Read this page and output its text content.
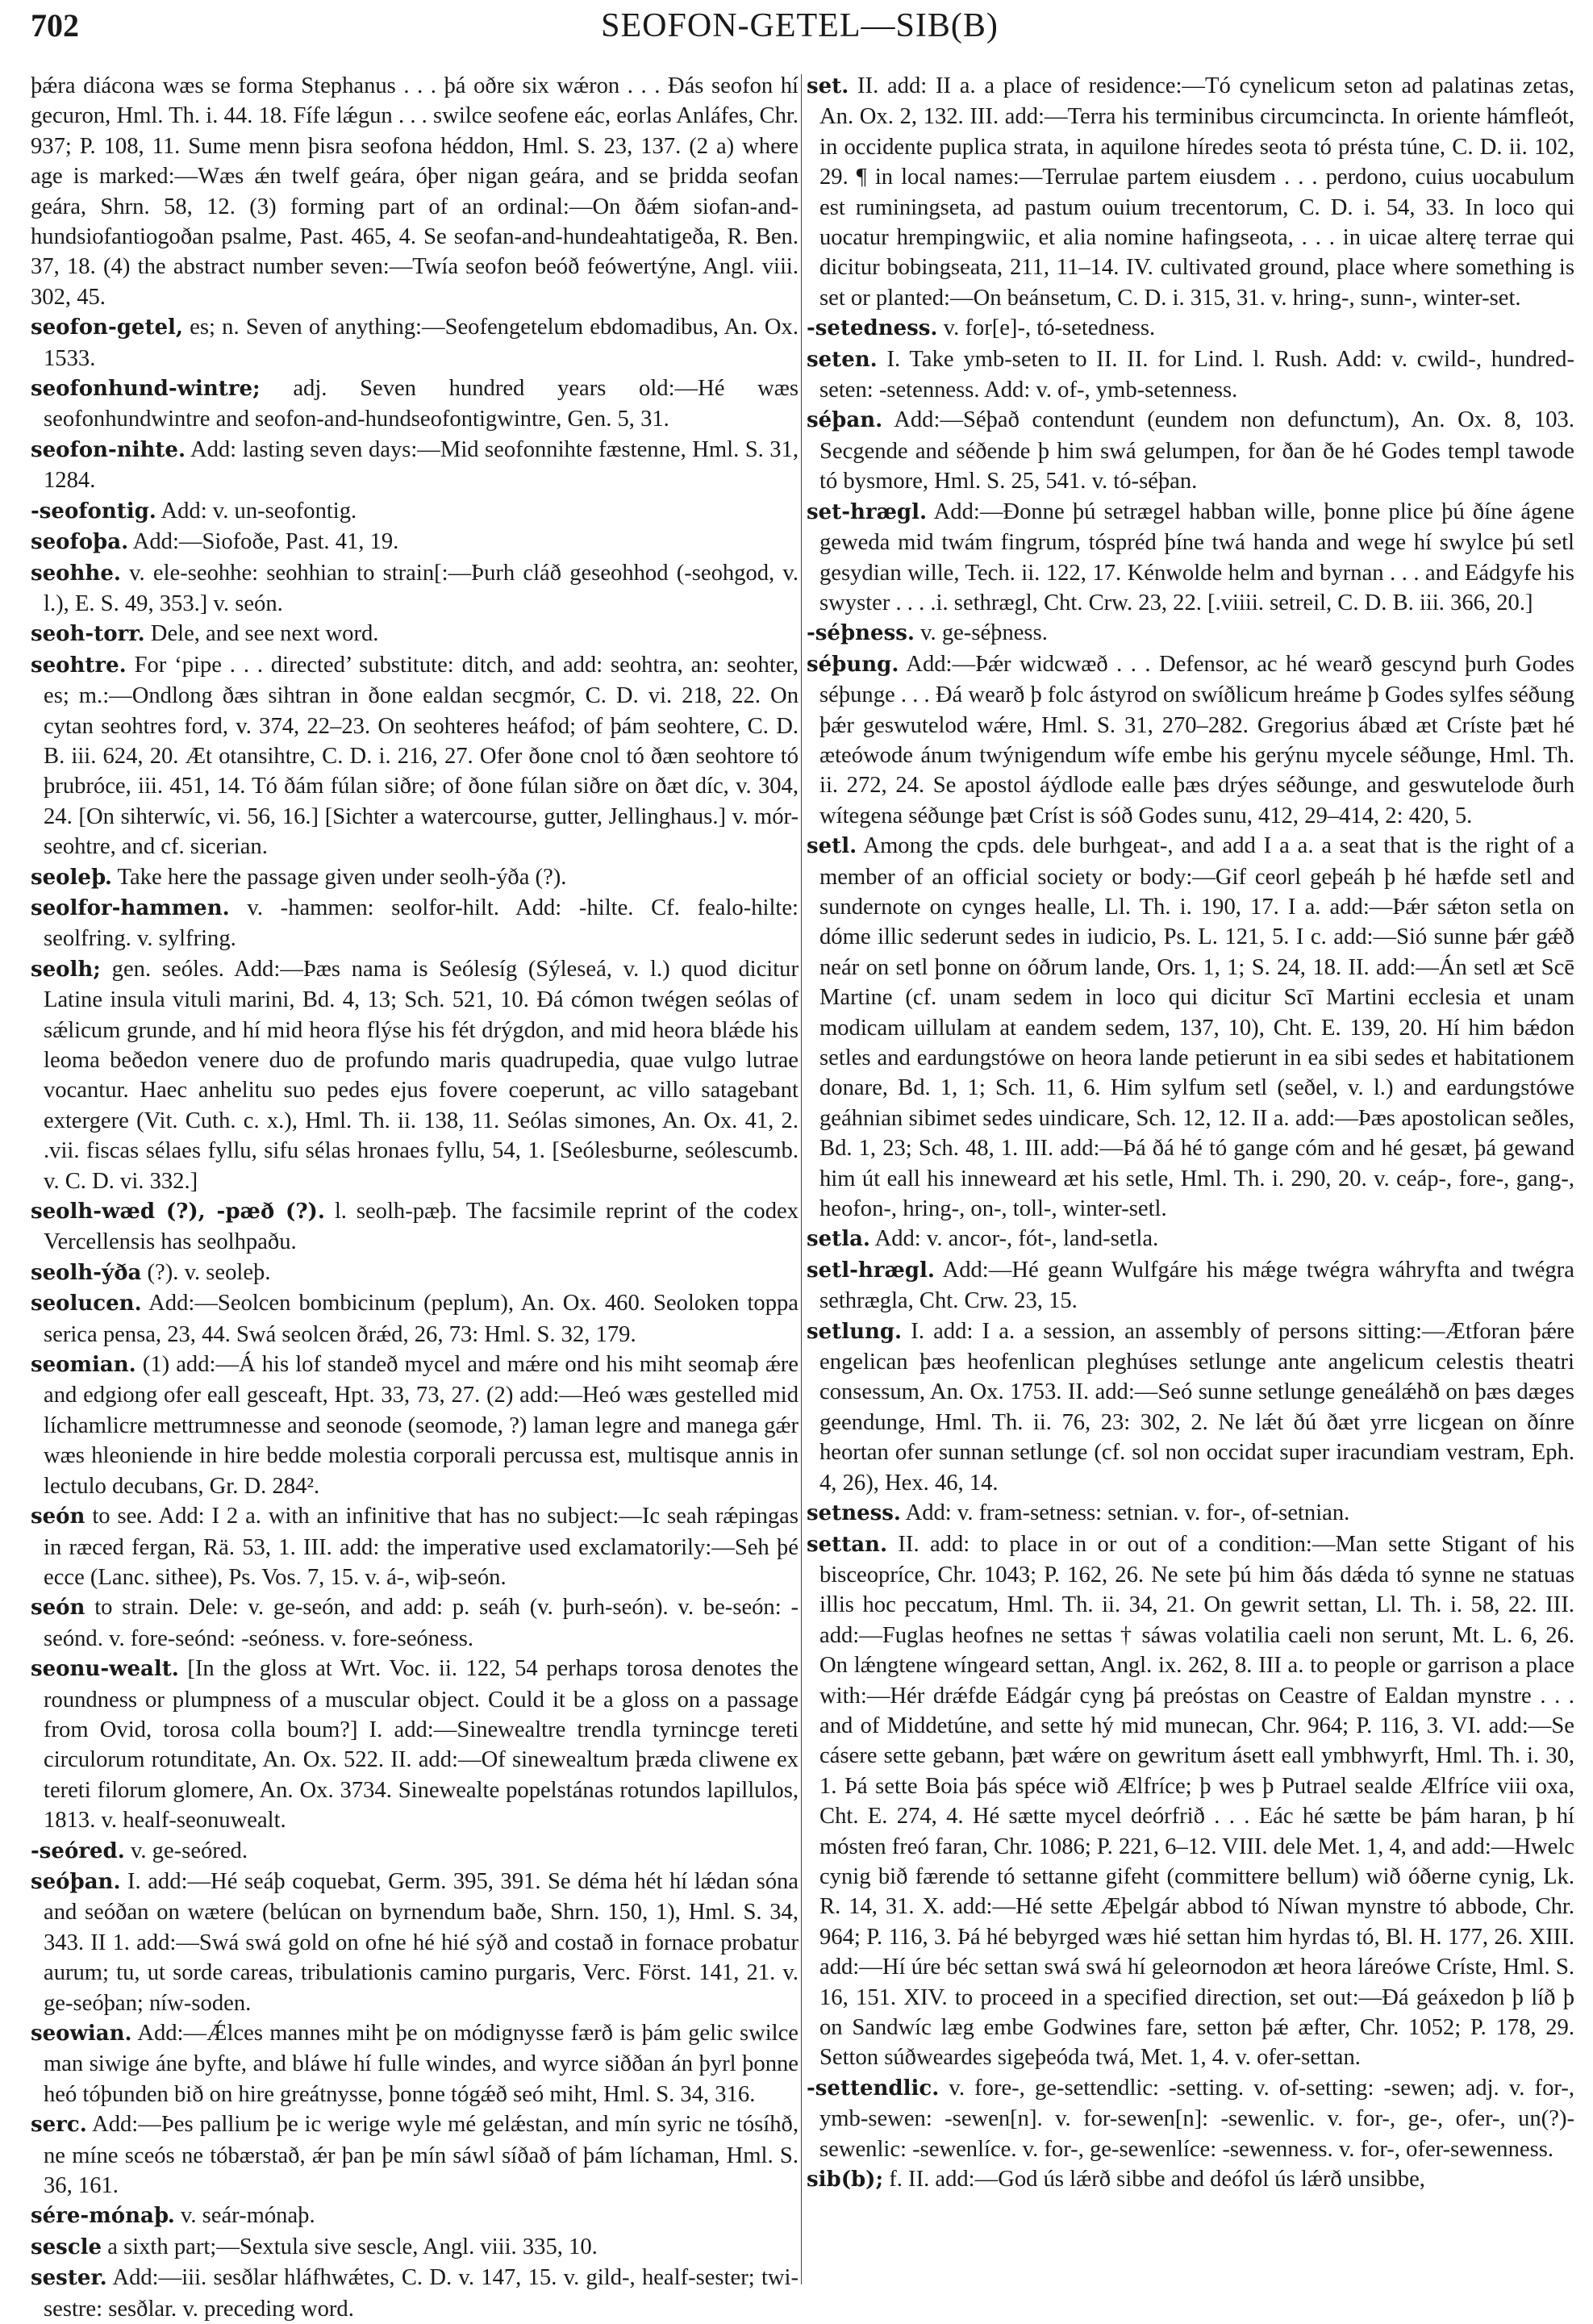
702	SEOFON-GETEL—SIB(B)

þǽra diácona wæs se forma Stephanus . . . þá oðre six wǽron . . . Ðás seofon hí gecuron, Hml. Th. i. 44. 18. Fífe lǽgun . . . swilce seofene eác, eorlas Anláfes, Chr. 937; P. 108, 11. Sume menn þisra seofona héddon, Hml. S. 23, 137. (2 a) where age is marked:—Wæs ǽn twelf geára, óþer nigan geára, and se þridda seofan geára, Shrn. 58, 12. (3) forming part of an ordinal:—On ðǽm siofan-and-hundsiofantiogoðan psalme, Past. 465, 4. Se seofan-and-hundeahtatigeða, R. Ben. 37, 18. (4) the abstract number seven:—Twía seofon beóð feówertýne, Angl. viii. 302, 45.

seofon-getel, es; n. Seven of anything:—Seofengetelum ebdomadibus, An. Ox. 1533.

seofonhund-wintre; adj. Seven hundred years old:—Hé wæs seofonhundwintre and seofon-and-hundseofontigwintre, Gen. 5, 31.

seofon-nihte. Add: lasting seven days:—Mid seofonnihte fæstenne, Hml. S. 31, 1284.

-seofontig. Add: v. un-seofontig.

seofoþa. Add:—Siofoðe, Past. 41, 19.

seohhe. v. ele-seohhe: seohhian to strain[:—Þurh cláð geseohhod (-seohgod, v. l.), E. S. 49, 353.] v. seón.

seoh-torr. Dele, and see next word.

seohtre. For ‘pipe . . . directed’ substitute: ditch, and add: seohtra, an: seohter, es; m.:—Ondlong ðæs sihtran in ðone ealdan secgmór, C. D. vi. 218, 22. On cytan seohtres ford, v. 374, 22–23. On seohteres heáfod; of þám seohtere, C. D. B. iii. 624, 20. Æt otansihtre, C. D. i. 216, 27. Ofer ðone cnol tó ðæn seohtore tó þrubróce, iii. 451, 14. Tó ðám fúlan siðre; of ðone fúlan siðre on ðæt díc, v. 304, 24. [On sihterwíc, vi. 56, 16.] [Sichter a watercourse, gutter, Jellinghaus.] v. mór-seohtre, and cf. sicerian.

seoleþ. Take here the passage given under seolh-ýða (?).

seolfor-hammen. v. -hammen: seolfor-hilt. Add: -hilte. Cf. fealo-hilte: seolfring. v. sylfring.

seolh; gen. seóles. Add:—Þæs nama is Seólesíg (Sýleseá, v. l.) quod dicitur Latine insula vituli marini, Bd. 4, 13; Sch. 521, 10. Ðá cómon twégen seólas of sǽlicum grunde, and hí mid heora flýse his fét drýgdon, and mid heora blǽde his leoma beðedon venere duo de profundo maris quadrupedia, quae vulgo lutrae vocantur. Haec anhelitu suo pedes ejus fovere coeperunt, ac villo satagebant extergere (Vit. Cuth. c. x.), Hml. Th. ii. 138, 11. Seólas simones, An. Ox. 41, 2. .vii. fiscas sélaes fyllu, sifu sélas hronaes fyllu, 54, 1. [Seólesburne, seólescumb. v. C. D. vi. 332.]

seolh-wæd (?), -pæð (?). l. seolh-pæþ. The facsimile reprint of the codex Vercellensis has seolhpaðu.

seolh-ýða (?). v. seoleþ.

seolucen. Add:—Seolcen bombicinum (peplum), An. Ox. 460. Seoloken toppa serica pensa, 23, 44. Swá seolcen ðrǽd, 26, 73: Hml. S. 32, 179.

seomian. (1) add:—Á his lof standeð mycel and mǽre ond his miht seomaþ ǽre and edgiong ofer eall gesceaft, Hpt. 33, 73, 27. (2) add:—Heó wæs gestelled mid líchamlicre mettrumnesse and seonode (seomode, ?) laman legre and manega gǽr wæs hleoniende in hire bedde molestia corporali percussa est, multisque annis in lectulo decubans, Gr. D. 284².

seón to see. Add: I 2 a. with an infinitive that has no subject:—Ic seah rǽpingas in ræced fergan, Rä. 53, 1. III. add: the imperative used exclamatorily:—Seh þé ecce (Lanc. sithee), Ps. Vos. 7, 15. v. á-, wiþ-seón.

seón to strain. Dele: v. ge-seón, and add: p. seáh (v. þurh-seón). v. be-seón: -seónd. v. fore-seónd: -seóness. v. fore-seóness.

seonu-wealt. [In the gloss at Wrt. Voc. ii. 122, 54 perhaps torosa denotes the roundness or plumpness of a muscular object. Could it be a gloss on a passage from Ovid, torosa colla boum?] I. add:—Sinewealtre trendla tyrnincge tereti circulorum rotunditate, An. Ox. 522. II. add:—Of sinewealtum þræda cliwene ex tereti filorum glomere, An. Ox. 3734. Sinewealte popelstánas rotundos lapillulos, 1813. v. healf-seonuwealt.

-seóred. v. ge-seóred.

seóþan. I. add:—Hé seáþ coquebat, Germ. 395, 391. Se déma hét hí lǽdan sóna and seóðan on wætere (belúcan on byrnendum baðe, Shrn. 150, 1), Hml. S. 34, 343. II 1. add:—Swá swá gold on ofne hé hié sýð and costað in fornace probatur aurum; tu, ut sorde careas, tribulationis camino purgaris, Verc. Först. 141, 21. v. ge-seóþan; níw-soden.

seowian. Add:—Ǽlces mannes miht þe on módignysse færð is þám gelic swilce man siwige áne byfte, and bláwe hí fulle windes, and wyrce siððan án þyrl þonne heó tóþunden bið on hire greátnysse, þonne tógǽð seó miht, Hml. S. 34, 316.

serc. Add:—Þes pallium þe ic werige wyle mé gelǽstan, and mín syric ne tósíhð, ne míne sceós ne tóbærstað, ǽr þan þe mín sáwl síðað of þám líchaman, Hml. S. 36, 161.

sére-mónaþ. v. seár-mónaþ.

sescle a sixth part;—Sextula sive sescle, Angl. viii. 335, 10.

sester. Add:—iii. sesðlar hláfhwǽtes, C. D. v. 147, 15. v. gild-, healf-sester; twi-sestre: sesðlar. v. preceding word.

set. II. add: II a. a place of residence:—Tó cynelicum seton ad palatinas zetas, An. Ox. 2, 132. III. add:—Terra his terminibus circumcincta. In oriente hámfleót, in occidente puplica strata, in aquilone híredes seota tó présta túne, C. D. ii. 102, 29. ¶ in local names:—Terrulae partem eiusdem . . . perdono, cuius uocabulum est ruminingseta, ad pastum ouium trecentorum, C. D. i. 54, 33. In loco qui uocatur hrempingwiic, et alia nomine hafingseota, . . . in uicae alterę terrae qui dicitur bobingseata, 211, 11–14. IV. cultivated ground, place where something is set or planted:—On beánsetum, C. D. i. 315, 31. v. hring-, sunn-, winter-set.

-setedness. v. for[e]-, tó-setedness.

seten. I. Take ymb-seten to II. II. for Lind. l. Rush. Add: v. cwild-, hundred-seten: -setenness. Add: v. of-, ymb-setenness.

séþan. Add:—Séþað contendunt (eundem non defunctum), An. Ox. 8, 103. Secgende and séðende þ him swá gelumpen, for ðan ðe hé Godes templ tawode tó bysmore, Hml. S. 25, 541. v. tó-séþan.

set-hrægl. Add:—Ðonne þú setrægel habban wille, þonne plice þú ðíne ágene geweda mid twám fingrum, tóspréd þíne twá handa and wege hí swylce þú setl gesydian wille, Tech. ii. 122, 17. Kénwolde helm and byrnan . . . and Eádgyfe his swyster . . . .i. sethrægl, Cht. Crw. 23, 22. [.viiii. setreil, C. D. B. iii. 366, 20.]

-séþness. v. ge-séþness.

séþung. Add:—Þǽr widcwæð . . . Defensor, ac hé wearð gescynd þurh Godes séþunge . . . Ðá wearð þ folc ástyrod on swíðlicum hreáme þ Godes sylfes séðung þǽr geswutelod wǽre, Hml. S. 31, 270–282. Gregorius ábæd æt Críste þæt hé æteówode ánum twýnigendum wífe embe his gerýnu mycele séðunge, Hml. Th. ii. 272, 24. Se apostol áýdlode ealle þæs drýes séðunge, and geswutelode ðurh wítegena séðunge þæt Críst is sóð Godes sunu, 412, 29–414, 2: 420, 5.

setl. Among the cpds. dele burhgeat-, and add I a a. a seat that is the right of a member of an official society or body:—Gif ceorl geþeáh þ hé hæfde setl and sundernote on cynges healle, Ll. Th. i. 190, 17. I a. add:—Þǽr sǽton setla on dóme illic sederunt sedes in iudicio, Ps. L. 121, 5. I c. add:—Sió sunne þǽr gǽð neár on setl þonne on óðrum lande, Ors. 1, 1; S. 24, 18. II. add:—Án setl æt Scē Martine (cf. unam sedem in loco qui dicitur Scī Martini ecclesia et unam modicam uillulam at eandem sedem, 137, 10), Cht. E. 139, 20. Hí him bǽdon setles and eardungstówe on heora lande petierunt in ea sibi sedes et habitationem donare, Bd. 1, 1; Sch. 11, 6. Him sylfum setl (seðel, v. l.) and eardungstówe geáhnian sibimet sedes uindicare, Sch. 12, 12. II a. add:—Þæs apostolican seðles, Bd. 1, 23; Sch. 48, 1. III. add:—Þá ðá hé tó gange cóm and hé gesæt, þá gewand him út eall his inneweard æt his setle, Hml. Th. i. 290, 20. v. ceáp-, fore-, gang-, heofon-, hring-, on-, toll-, winter-setl.

setla. Add: v. ancor-, fót-, land-setla.

setl-hrægl. Add:—Hé geann Wulfgáre his mǽge twégra wáhryfta and twégra sethrægla, Cht. Crw. 23, 15.

setlung. I. add: I a. a session, an assembly of persons sitting:—Ætforan þǽre engelican þæs heofenlican pleghúses setlunge ante angelicum celestis theatri consessum, An. Ox. 1753. II. add:—Seó sunne setlunge geneálǽhð on þæs dæges geendunge, Hml. Th. ii. 76, 23: 302, 2. Ne lǽt ðú ðæt yrre licgean on ðínre heortan ofer sunnan setlunge (cf. sol non occidat super iracundiam vestram, Eph. 4, 26), Hex. 46, 14.

setness. Add: v. fram-setness: setnian. v. for-, of-setnian.

settan. II. add: to place in or out of a condition:—Man sette Stigant of his bisceopríce, Chr. 1043; P. 162, 26. Ne sete þú him ðás dǽda tó synne ne statuas illis hoc peccatum, Hml. Th. ii. 34, 21. On gewrit settan, Ll. Th. i. 58, 22. III. add:—Fuglas heofnes ne settas † sáwas volatilia caeli non serunt, Mt. L. 6, 26. On lǽngtene wíngeard settan, Angl. ix. 262, 8. III a. to people or garrison a place with:—Hér drǽfde Eádgár cyng þá preóstas on Ceastre of Ealdan mynstre . . . and of Middetúne, and sette hý mid munecan, Chr. 964; P. 116, 3. VI. add:—Se cásere sette gebann, þæt wǽre on gewritum ásett eall ymbhwyrft, Hml. Th. i. 30, 1. Þá sette Boia þás spéce wið Ælfríce; þ wes þ Putrael sealde Ælfríce viii oxa, Cht. E. 274, 4. Hé sætte mycel deórfrið . . . Eác hé sætte be þám haran, þ hí mósten freó faran, Chr. 1086; P. 221, 6–12. VIII. dele Met. 1, 4, and add:—Hwelc cynig bið færende tó settanne gifeht (committere bellum) wið óðerne cynig, Lk. R. 14, 31. X. add:—Hé sette Æþelgár abbod tó Níwan mynstre tó abbode, Chr. 964; P. 116, 3. Þá hé bebyrged wæs hié settan him hyrdas tó, Bl. H. 177, 26. XIII. add:—Hí úre béc settan swá swá hí geleornodon æt heora láreówe Críste, Hml. S. 16, 151. XIV. to proceed in a specified direction, set out:—Ðá geáxedon þ líð þ on Sandwíc læg embe Godwines fare, setton þǽ æfter, Chr. 1052; P. 178, 29. Setton súðweardes sigeþeóda twá, Met. 1, 4. v. ofer-settan.

-settendlic. v. fore-, ge-settendlic: -setting. v. of-setting: -sewen; adj. v. for-, ymb-sewen: -sewen[n]. v. for-sewen[n]: -sewenlic. v. for-, ge-, ofer-, un(?)-sewenlic: -sewenlíce. v. for-, ge-sewenlíce: -sewenness. v. for-, ofer-sewenness.

sib(b); f. II. add:—God ús lǽrð sibbe and deófol ús lǽrð unsibbe,
